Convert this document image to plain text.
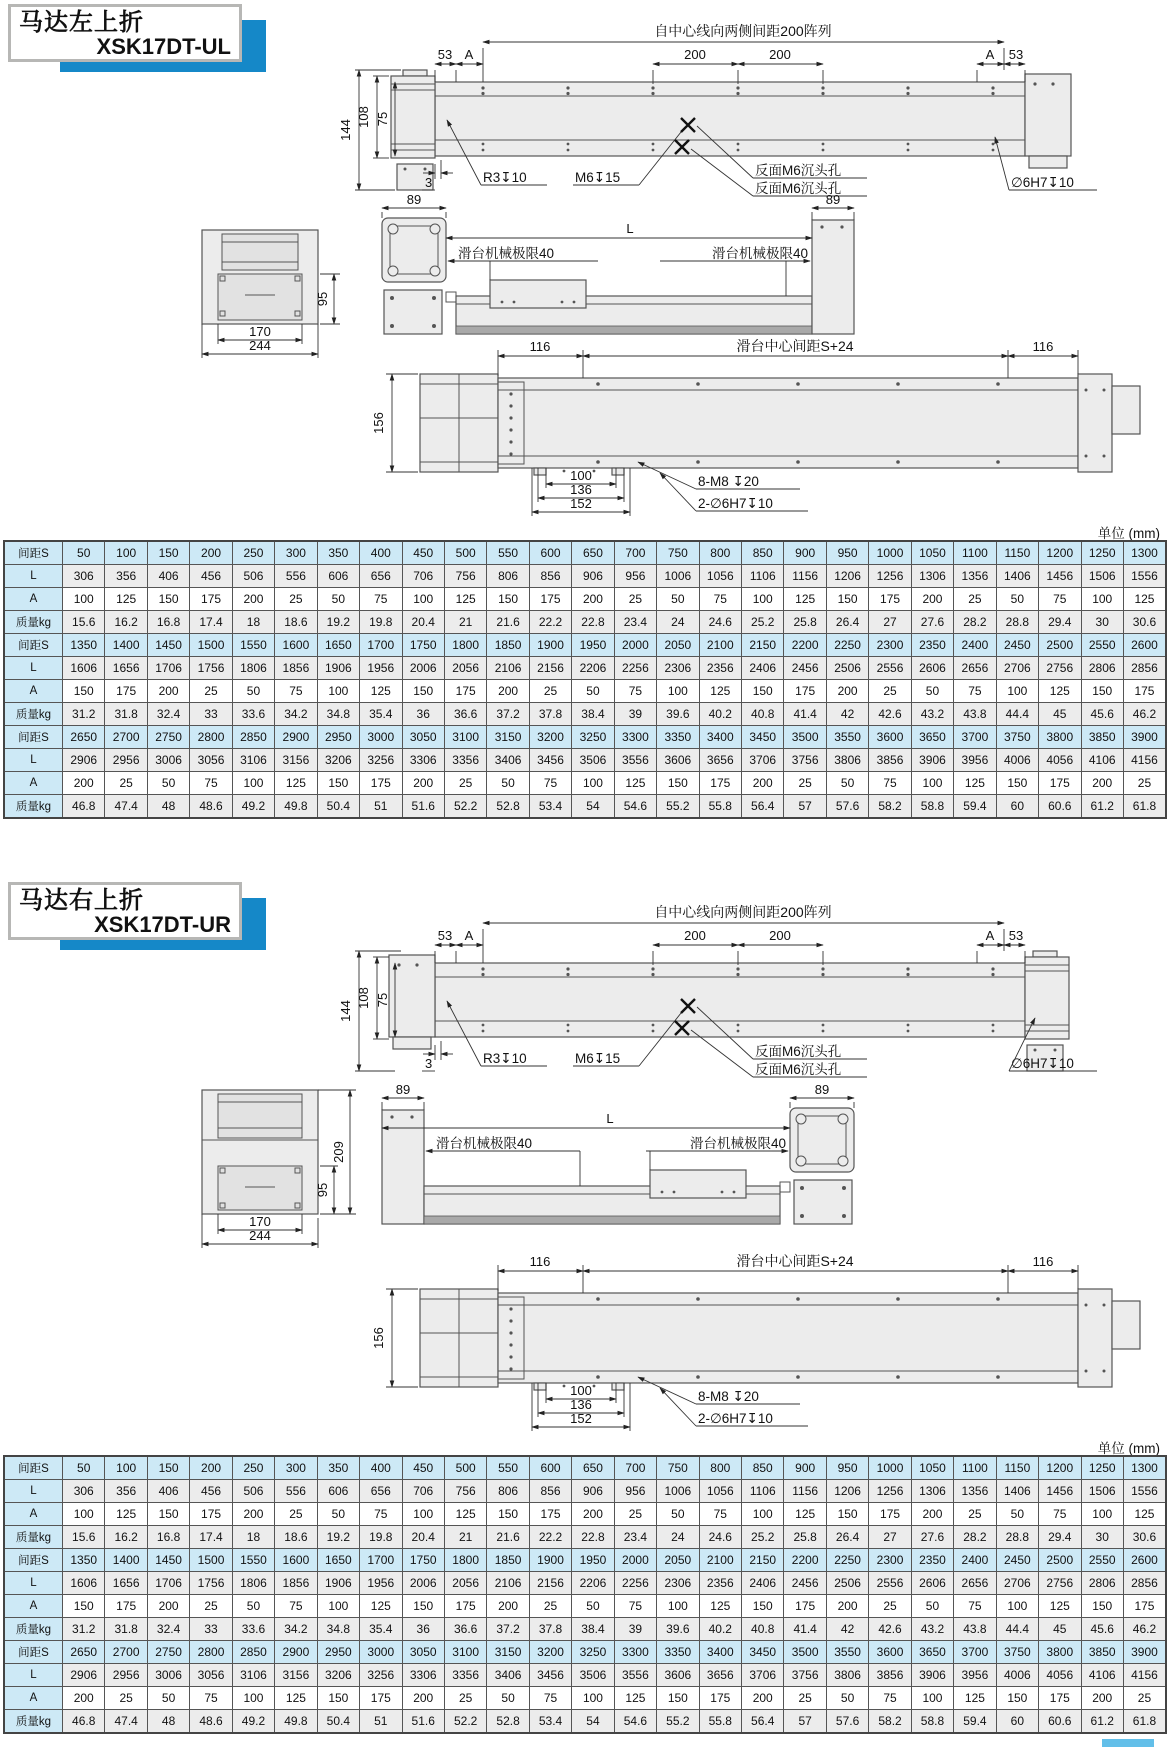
马达左上折
XSK17DT-UL
自中心线向两侧间距200阵列
53 A	200	200	A 53
144
108 75
3	R3↧10	M6↧15	反面M6沉头孔
反面M6沉头孔	∅6H7↧10
95
170
244
89
L
滑台机械极限40	滑台机械极限40
89
116	滑台中心间距S+24	116
156
100
136
152
8-M8 ↧20
2-∅6H7↧10
单位 (mm)
间距S	50	100	150	200	250	300	350	400	450	500	550	600	650	700	750	800	850	900	950	1000	1050	1100	1150	1200	1250	1300
L	306	356	406	456	506	556	606	656	706	756	806	856	906	956	1006	1056	1106	1156	1206	1256	1306	1356	1406	1456	1506	1556
A	100	125	150	175	200	25	50	75	100	125	150	175	200	25	50	75	100	125	150	175	200	25	50	75	100	125
质量kg	15.6	16.2	16.8	17.4	18	18.6	19.2	19.8	20.4	21	21.6	22.2	22.8	23.4	24	24.6	25.2	25.8	26.4	27	27.6	28.2	28.8	29.4	30	30.6
间距S	1350	1400	1450	1500	1550	1600	1650	1700	1750	1800	1850	1900	1950	2000	2050	2100	2150	2200	2250	2300	2350	2400	2450	2500	2550	2600
L	1606	1656	1706	1756	1806	1856	1906	1956	2006	2056	2106	2156	2206	2256	2306	2356	2406	2456	2506	2556	2606	2656	2706	2756	2806	2856
A	150	175	200	25	50	75	100	125	150	175	200	25	50	75	100	125	150	175	200	25	50	75	100	125	150	175
质量kg	31.2	31.8	32.4	33	33.6	34.2	34.8	35.4	36	36.6	37.2	37.8	38.4	39	39.6	40.2	40.8	41.4	42	42.6	43.2	43.8	44.4	45	45.6	46.2
间距S	2650	2700	2750	2800	2850	2900	2950	3000	3050	3100	3150	3200	3250	3300	3350	3400	3450	3500	3550	3600	3650	3700	3750	3800	3850	3900
L	2906	2956	3006	3056	3106	3156	3206	3256	3306	3356	3406	3456	3506	3556	3606	3656	3706	3756	3806	3856	3906	3956	4006	4056	4106	4156
A	200	25	50	75	100	125	150	175	200	25	50	75	100	125	150	175	200	25	50	75	100	125	150	175	200	25
质量kg	46.8	47.4	48	48.6	49.2	49.8	50.4	51	51.6	52.2	52.8	53.4	54	54.6	55.2	55.8	56.4	57	57.6	58.2	58.8	59.4	60	60.6	61.2	61.8
马达右上折
XSK17DT-UR
自中心线向两侧间距200阵列
53 A	200	200	A 53
144
108 75
3	R3↧10	M6↧15	反面M6沉头孔
反面M6沉头孔	∅6H7↧10
95
209
170
244
89
L
滑台机械极限40	滑台机械极限40
89
116	滑台中心间距S+24	116
156
100
136
152
8-M8 ↧20
2-∅6H7↧10
单位 (mm)
间距S	50	100	150	200	250	300	350	400	450	500	550	600	650	700	750	800	850	900	950	1000	1050	1100	1150	1200	1250	1300
L	306	356	406	456	506	556	606	656	706	756	806	856	906	956	1006	1056	1106	1156	1206	1256	1306	1356	1406	1456	1506	1556
A	100	125	150	175	200	25	50	75	100	125	150	175	200	25	50	75	100	125	150	175	200	25	50	75	100	125
质量kg	15.6	16.2	16.8	17.4	18	18.6	19.2	19.8	20.4	21	21.6	22.2	22.8	23.4	24	24.6	25.2	25.8	26.4	27	27.6	28.2	28.8	29.4	30	30.6
间距S	1350	1400	1450	1500	1550	1600	1650	1700	1750	1800	1850	1900	1950	2000	2050	2100	2150	2200	2250	2300	2350	2400	2450	2500	2550	2600
L	1606	1656	1706	1756	1806	1856	1906	1956	2006	2056	2106	2156	2206	2256	2306	2356	2406	2456	2506	2556	2606	2656	2706	2756	2806	2856
A	150	175	200	25	50	75	100	125	150	175	200	25	50	75	100	125	150	175	200	25	50	75	100	125	150	175
质量kg	31.2	31.8	32.4	33	33.6	34.2	34.8	35.4	36	36.6	37.2	37.8	38.4	39	39.6	40.2	40.8	41.4	42	42.6	43.2	43.8	44.4	45	45.6	46.2
间距S	2650	2700	2750	2800	2850	2900	2950	3000	3050	3100	3150	3200	3250	3300	3350	3400	3450	3500	3550	3600	3650	3700	3750	3800	3850	3900
L	2906	2956	3006	3056	3106	3156	3206	3256	3306	3356	3406	3456	3506	3556	3606	3656	3706	3756	3806	3856	3906	3956	4006	4056	4106	4156
A	200	25	50	75	100	125	150	175	200	25	50	75	100	125	150	175	200	25	50	75	100	125	150	175	200	25
质量kg	46.8	47.4	48	48.6	49.2	49.8	50.4	51	51.6	52.2	52.8	53.4	54	54.6	55.2	55.8	56.4	57	57.6	58.2	58.8	59.4	60	60.6	61.2	61.8
